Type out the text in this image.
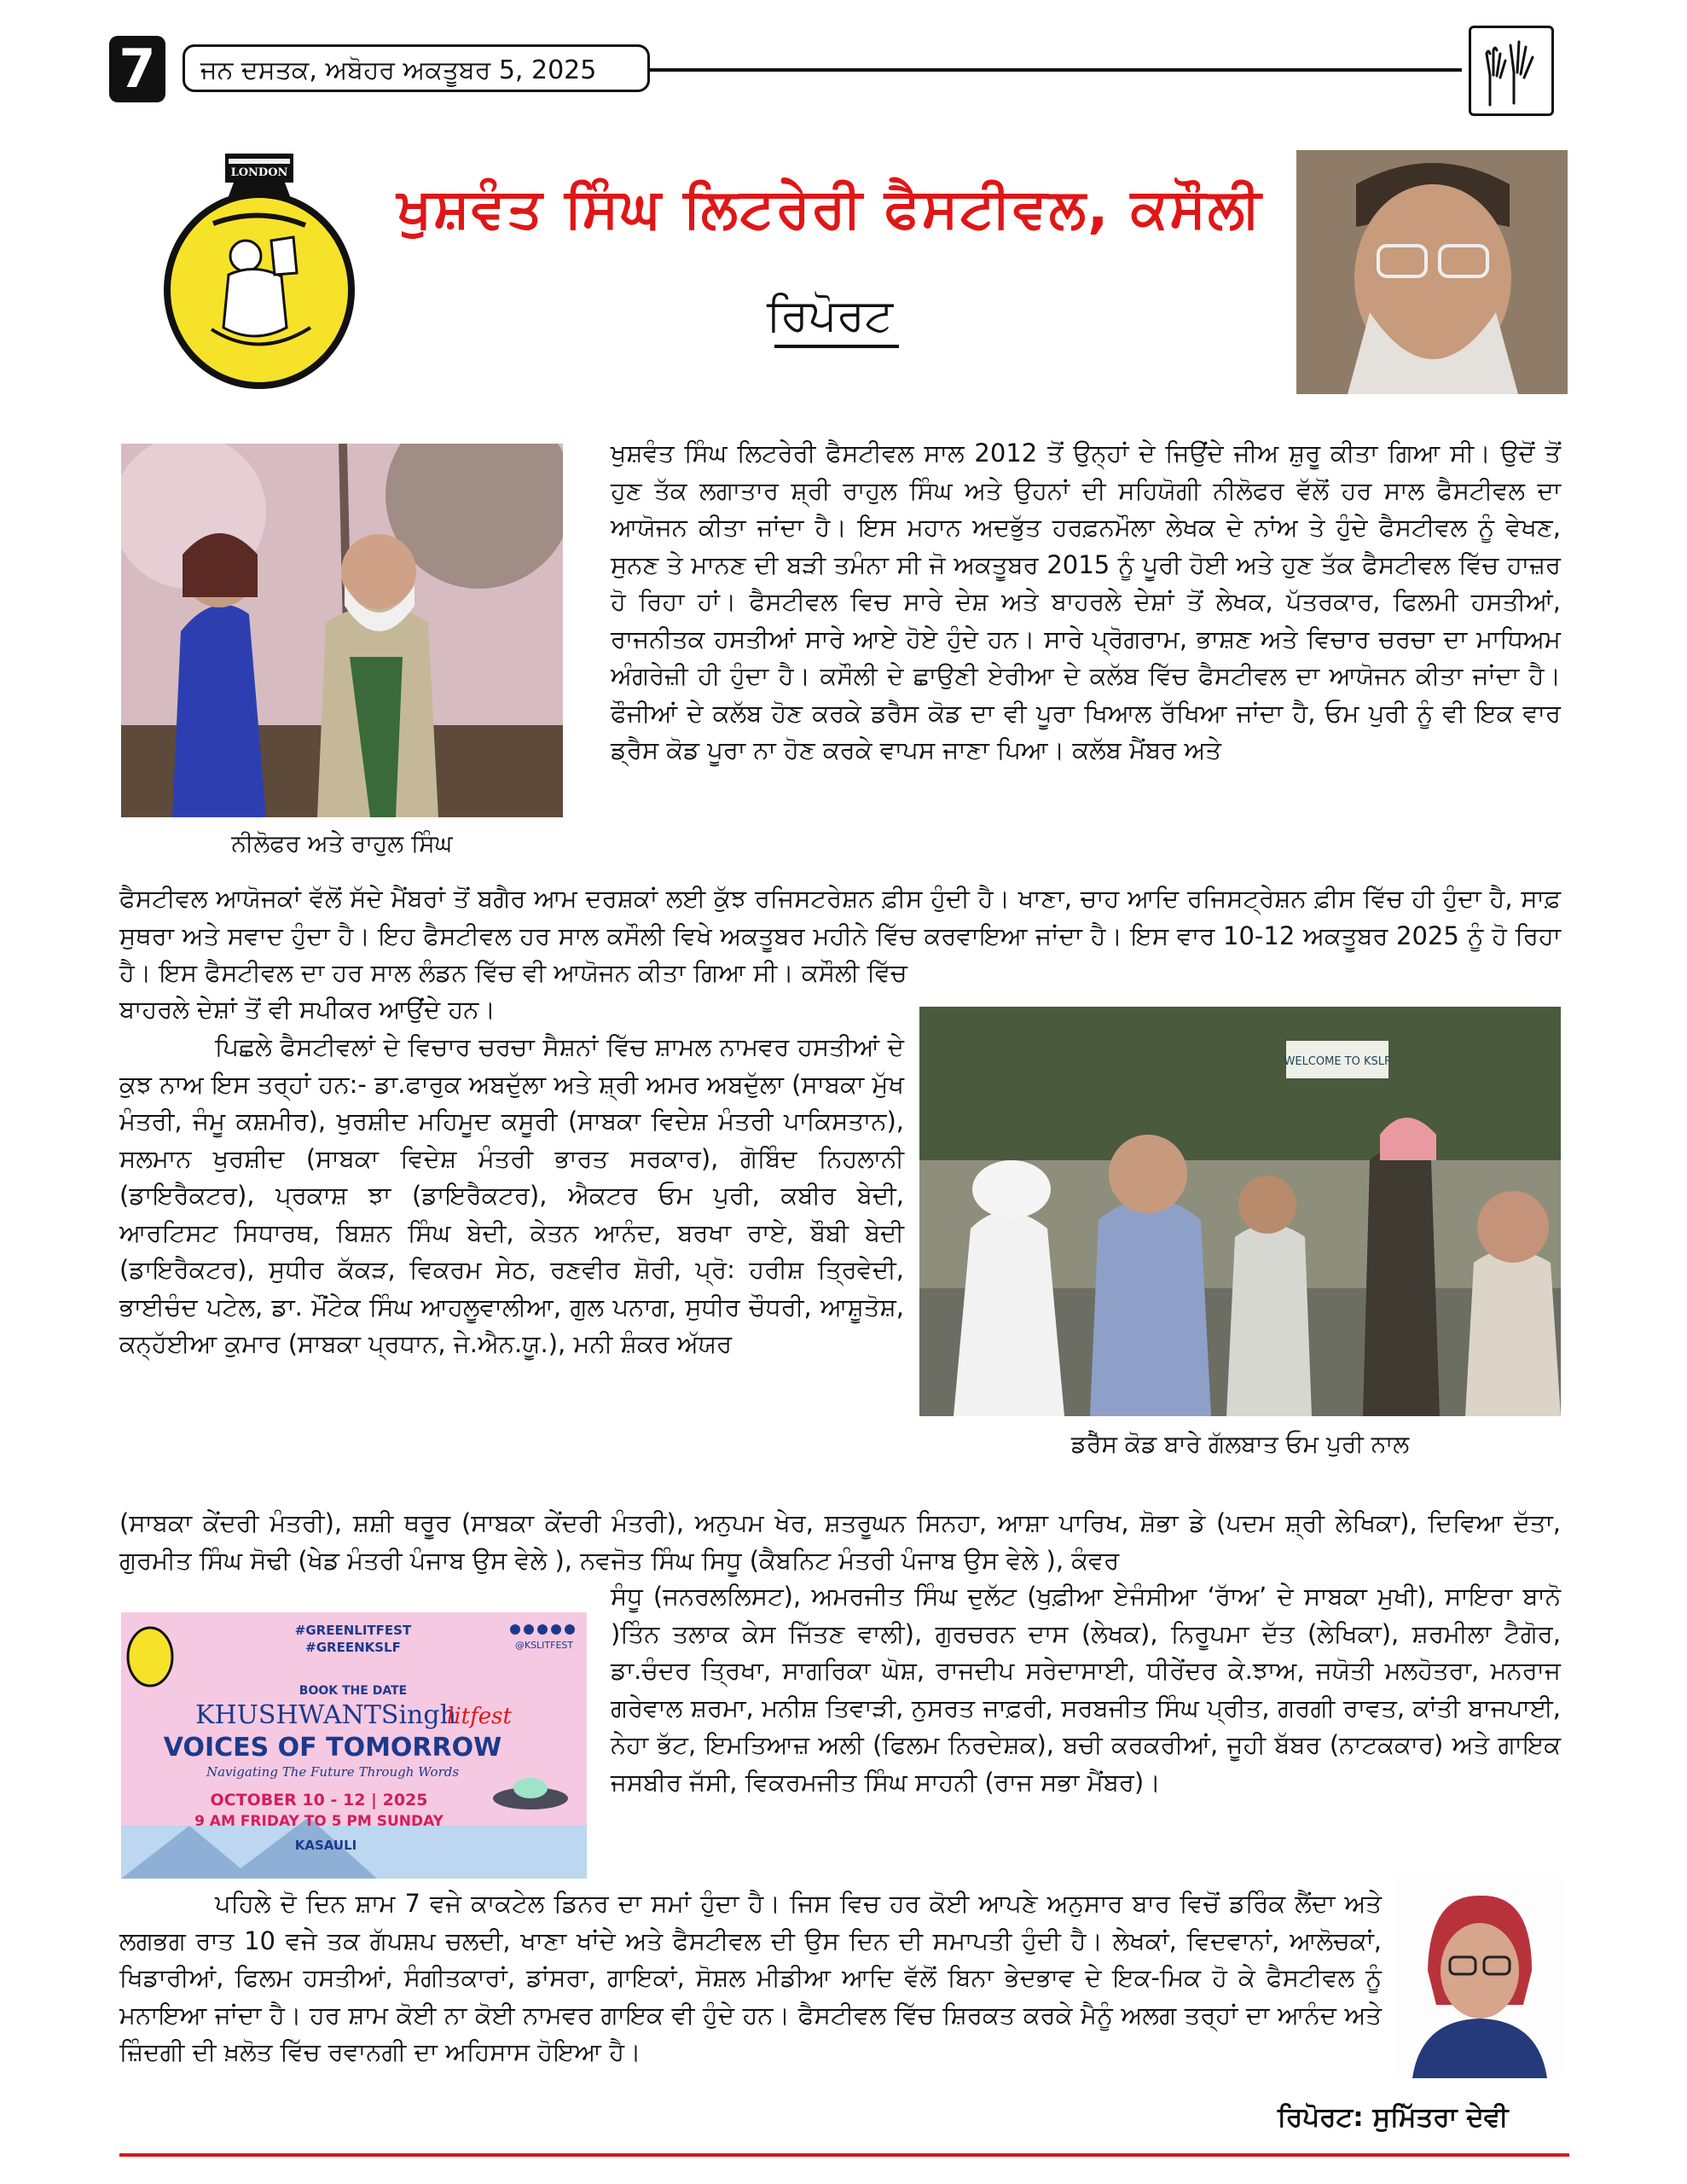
7	ਜਨ ਦਸਤਕ, ਅਬੋਹਰ ਅਕਤੂਬਰ 5, 2025
LONDON
ਖੁਸ਼ਵੰਤ ਸਿੰਘ ਲਿਟਰੇਰੀ ਫੈਸਟੀਵਲ, ਕਸੌਲੀ
ਰਿਪੋਰਟ
ਨੀਲੋਫਰ ਅਤੇ ਰਾਹੁਲ ਸਿੰਘ

ਖੁਸ਼ਵੰਤ ਸਿੰਘ ਲਿਟਰੇਰੀ ਫੈਸਟੀਵਲ ਸਾਲ 2012 ਤੋਂ ਉਨ੍ਹਾਂ ਦੇ ਜਿਉਂਦੇ ਜੀਅ ਸ਼ੁਰੂ ਕੀਤਾ ਗਿਆ ਸੀ। ਉਦੋਂ ਤੋਂ ਹੁਣ ਤੱਕ ਲਗਾਤਾਰ ਸ਼੍ਰੀ ਰਾਹੁਲ ਸਿੰਘ ਅਤੇ ਉਹਨਾਂ ਦੀ ਸਹਿਯੋਗੀ ਨੀਲੋਫਰ ਵੱਲੋਂ ਹਰ ਸਾਲ ਫੈਸਟੀਵਲ ਦਾ ਆਯੋਜਨ ਕੀਤਾ ਜਾਂਦਾ ਹੈ। ਇਸ ਮਹਾਨ ਅਦਭੁੱਤ ਹਰਫ਼ਨਮੌਲਾ ਲੇਖਕ ਦੇ ਨਾਂਅ ਤੇ ਹੁੰਦੇ ਫੈਸਟੀਵਲ ਨੂੰ ਵੇਖਣ, ਸੁਨਣ ਤੇ ਮਾਨਣ ਦੀ ਬੜੀ ਤਮੰਨਾ ਸੀ ਜੋ ਅਕਤੂਬਰ 2015 ਨੂੰ ਪੂਰੀ ਹੋਈ ਅਤੇ ਹੁਣ ਤੱਕ ਫੈਸਟੀਵਲ ਵਿੱਚ ਹਾਜ਼ਰ ਹੋ ਰਿਹਾ ਹਾਂ। ਫੈਸਟੀਵਲ ਵਿਚ ਸਾਰੇ ਦੇਸ਼ ਅਤੇ ਬਾਹਰਲੇ ਦੇਸ਼ਾਂ ਤੋਂ ਲੇਖਕ, ਪੱਤਰਕਾਰ, ਫਿਲਮੀ ਹਸਤੀਆਂ, ਰਾਜਨੀਤਕ ਹਸਤੀਆਂ ਸਾਰੇ ਆਏ ਹੋਏ ਹੁੰਦੇ ਹਨ। ਸਾਰੇ ਪ੍ਰੋਗਰਾਮ, ਭਾਸ਼ਣ ਅਤੇ ਵਿਚਾਰ ਚਰਚਾ ਦਾ ਮਾਧਿਅਮ ਅੰਗਰੇਜ਼ੀ ਹੀ ਹੁੰਦਾ ਹੈ। ਕਸੌਲੀ ਦੇ ਛਾਉਣੀ ਏਰੀਆ ਦੇ ਕਲੱਬ ਵਿੱਚ ਫੈਸਟੀਵਲ ਦਾ ਆਯੋਜਨ ਕੀਤਾ ਜਾਂਦਾ ਹੈ। ਫੌਜੀਆਂ ਦੇ ਕਲੱਬ ਹੋਣ ਕਰਕੇ ਡਰੈਸ ਕੋਡ ਦਾ ਵੀ ਪੂਰਾ ਖਿਆਲ ਰੱਖਿਆ ਜਾਂਦਾ ਹੈ, ਓਮ ਪੁਰੀ ਨੂੰ ਵੀ ਇਕ ਵਾਰ ਡ੍ਰੈਸ ਕੋਡ ਪੂਰਾ ਨਾ ਹੋਣ ਕਰਕੇ ਵਾਪਸ ਜਾਣਾ ਪਿਆ। ਕਲੱਬ ਮੈਂਬਰ ਅਤੇ

ਫੈਸਟੀਵਲ ਆਯੋਜਕਾਂ ਵੱਲੋਂ ਸੱਦੇ ਮੈਂਬਰਾਂ ਤੋਂ ਬਗੈਰ ਆਮ ਦਰਸ਼ਕਾਂ ਲਈ ਕੁੱਝ ਰਜਿਸਟਰੇਸ਼ਨ ਫ਼ੀਸ ਹੁੰਦੀ ਹੈ। ਖਾਣਾ, ਚਾਹ ਆਦਿ ਰਜਿਸਟ੍ਰੇਸ਼ਨ ਫ਼ੀਸ ਵਿੱਚ ਹੀ ਹੁੰਦਾ ਹੈ, ਸਾਫ਼ ਸੁਥਰਾ ਅਤੇ ਸਵਾਦ ਹੁੰਦਾ ਹੈ। ਇਹ ਫੈਸਟੀਵਲ ਹਰ ਸਾਲ ਕਸੌਲੀ ਵਿਖੇ ਅਕਤੂਬਰ ਮਹੀਨੇ ਵਿੱਚ ਕਰਵਾਇਆ ਜਾਂਦਾ ਹੈ। ਇਸ ਵਾਰ 10-12 ਅਕਤੂਬਰ 2025 ਨੂੰ ਹੋ ਰਿਹਾ ਹੈ। ਇਸ ਫੈਸਟੀਵਲ ਦਾ ਹਰ ਸਾਲ ਲੰਡਨ ਵਿੱਚ ਵੀ ਆਯੋਜਨ ਕੀਤਾ ਗਿਆ ਸੀ। ਕਸੌਲੀ ਵਿੱਚ

ਬਾਹਰਲੇ ਦੇਸ਼ਾਂ ਤੋਂ ਵੀ ਸਪੀਕਰ ਆਉਂਦੇ ਹਨ।

WELCOME TO KSLF
ਡਰੈੱਸ ਕੋਡ ਬਾਰੇ ਗੱਲਬਾਤ ਓਮ ਪੁਰੀ ਨਾਲ

ਪਿਛਲੇ ਫੈਸਟੀਵਲਾਂ ਦੇ ਵਿਚਾਰ ਚਰਚਾ ਸੈਸ਼ਨਾਂ ਵਿੱਚ ਸ਼ਾਮਲ ਨਾਮਵਰ ਹਸਤੀਆਂ ਦੇ ਕੁਝ ਨਾਅ ਇਸ ਤਰ੍ਹਾਂ ਹਨ:- ਡਾ.ਫਾਰੁਕ ਅਬਦੁੱਲਾ ਅਤੇ ਸ਼੍ਰੀ ਅਮਰ ਅਬਦੁੱਲਾ (ਸਾਬਕਾ ਮੁੱਖ ਮੰਤਰੀ, ਜੰਮੂ ਕਸ਼ਮੀਰ), ਖੁਰਸ਼ੀਦ ਮਹਿਮੂਦ ਕਸੂਰੀ (ਸਾਬਕਾ ਵਿਦੇਸ਼ ਮੰਤਰੀ ਪਾਕਿਸਤਾਨ), ਸਲਮਾਨ ਖੁਰਸ਼ੀਦ (ਸਾਬਕਾ ਵਿਦੇਸ਼ ਮੰਤਰੀ ਭਾਰਤ ਸਰਕਾਰ), ਗੋਬਿੰਦ ਨਿਹਲਾਨੀ (ਡਾਇਰੈਕਟਰ), ਪ੍ਰਕਾਸ਼ ਝਾ (ਡਾਇਰੈਕਟਰ), ਐਕਟਰ ਓਮ ਪੁਰੀ, ਕਬੀਰ ਬੇਦੀ, ਆਰਟਿਸਟ ਸਿਧਾਰਥ, ਬਿਸ਼ਨ ਸਿੰਘ ਬੇਦੀ, ਕੇਤਨ ਆਨੰਦ, ਬਰਖਾ ਰਾਏ, ਬੌਬੀ ਬੇਦੀ (ਡਾਇਰੈਕਟਰ), ਸੁਧੀਰ ਕੱਕੜ, ਵਿਕਰਮ ਸੇਠ, ਰਣਵੀਰ ਸ਼ੋਰੀ, ਪ੍ਰੋ: ਹਰੀਸ਼ ਤ੍ਰਿਵੇਦੀ, ਭਾਈਚੰਦ ਪਟੇਲ, ਡਾ. ਮੌਂਟੇਕ ਸਿੰਘ ਆਹਲੂਵਾਲੀਆ, ਗੁਲ ਪਨਾਗ, ਸੁਧੀਰ ਚੌਧਰੀ, ਆਸ਼ੂਤੋਸ਼, ਕਨ੍ਹੱਈਆ ਕੁਮਾਰ (ਸਾਬਕਾ ਪ੍ਰਧਾਨ, ਜੇ.ਐਨ.ਯੂ.), ਮਨੀ ਸ਼ੰਕਰ ਅੱਯਰ

(ਸਾਬਕਾ ਕੇਂਦਰੀ ਮੰਤਰੀ), ਸ਼ਸ਼ੀ ਥਰੂਰ (ਸਾਬਕਾ ਕੇਂਦਰੀ ਮੰਤਰੀ), ਅਨੁਪਮ ਖੇਰ, ਸ਼ਤਰੂਘਨ ਸਿਨਹਾ, ਆਸ਼ਾ ਪਾਰਿਖ, ਸ਼ੋਭਾ ਡੇ (ਪਦਮ ਸ਼੍ਰੀ ਲੇਖਿਕਾ), ਦਿਵਿਆ ਦੱਤਾ, ਗੁਰਮੀਤ ਸਿੰਘ ਸੋਢੀ (ਖੇਡ ਮੰਤਰੀ ਪੰਜਾਬ ਉਸ ਵੇਲੇ ), ਨਵਜੋਤ ਸਿੰਘ ਸਿਧੂ (ਕੈਬਨਿਟ ਮੰਤਰੀ ਪੰਜਾਬ ਉਸ ਵੇਲੇ ), ਕੰਵਰ

#GREENLITFEST
#GREENKSLF	@KSLITFEST
BOOK THE DATE
KHUSHWANTSingh
litfest
VOICES OF TOMORROW
Navigating The Future Through Words
OCTOBER 10 - 12 | 2025
9 AM FRIDAY TO 5 PM SUNDAY
KASAULI

ਸੰਧੂ (ਜਨਰਲਲਿਸਟ), ਅਮਰਜੀਤ ਸਿੰਘ ਦੁਲੱਟ (ਖੁਫ਼ੀਆ ਏਜੰਸੀਆ ‘ਰਾੱਅ’ ਦੇ ਸਾਬਕਾ ਮੁਖੀ), ਸਾਇਰਾ ਬਾਨੋ )ਤਿੰਨ ਤਲਾਕ ਕੇਸ ਜਿੱਤਣ ਵਾਲੀ), ਗੁਰਚਰਨ ਦਾਸ (ਲੇਖਕ), ਨਿਰੂਪਮਾ ਦੱਤ (ਲੇਖਿਕਾ), ਸ਼ਰਮੀਲਾ ਟੈਗੋਰ, ਡਾ.ਚੰਦਰ ਤ੍ਰਿਖਾ, ਸਾਗਰਿਕਾ ਘੋਸ਼, ਰਾਜਦੀਪ ਸਰੇਦਾਸਾਈ, ਧੀਰੇਂਦਰ ਕੇ.ਝਾਅ, ਜਯੋਤੀ ਮਲਹੋਤਰਾ, ਮਨਰਾਜ ਗਰੇਵਾਲ ਸ਼ਰਮਾ, ਮਨੀਸ਼ ਤਿਵਾੜੀ, ਨੁਸਰਤ ਜਾਫ਼ਰੀ, ਸਰਬਜੀਤ ਸਿੰਘ ਪ੍ਰੀਤ, ਗਰਗੀ ਰਾਵਤ, ਕਾਂਤੀ ਬਾਜਪਾਈ, ਨੇਹਾ ਭੱਟ, ਇਮਤਿਆਜ਼ ਅਲੀ (ਫਿਲਮ ਨਿਰਦੇਸ਼ਕ), ਬਚੀ ਕਰਕਰੀਆਂ, ਜੂਹੀ ਬੱਬਰ (ਨਾਟਕਕਾਰ) ਅਤੇ ਗਾਇਕ ਜਸਬੀਰ ਜੱਸੀ, ਵਿਕਰਮਜੀਤ ਸਿੰਘ ਸਾਹਨੀ (ਰਾਜ ਸਭਾ ਮੈਂਬਰ)।

ਪਹਿਲੇ ਦੋ ਦਿਨ ਸ਼ਾਮ 7 ਵਜੇ ਕਾਕਟੇਲ ਡਿਨਰ ਦਾ ਸਮਾਂ ਹੁੰਦਾ ਹੈ। ਜਿਸ ਵਿਚ ਹਰ ਕੋਈ ਆਪਣੇ ਅਨੁਸਾਰ ਬਾਰ ਵਿਚੋਂ ਡਰਿੰਕ ਲੈਂਦਾ ਅਤੇ ਲਗਭਗ ਰਾਤ 10 ਵਜੇ ਤਕ ਗੱਪਸ਼ਪ ਚਲਦੀ, ਖਾਣਾ ਖਾਂਦੇ ਅਤੇ ਫੈਸਟੀਵਲ ਦੀ ਉਸ ਦਿਨ ਦੀ ਸਮਾਪਤੀ ਹੁੰਦੀ ਹੈ। ਲੇਖਕਾਂ, ਵਿਦਵਾਨਾਂ, ਆਲੋਚਕਾਂ, ਖਿਡਾਰੀਆਂ, ਫਿਲਮ ਹਸਤੀਆਂ, ਸੰਗੀਤਕਾਰਾਂ, ਡਾਂਸਰਾ, ਗਾਇਕਾਂ, ਸੋਸ਼ਲ ਮੀਡੀਆ ਆਦਿ ਵੱਲੋਂ ਬਿਨਾ ਭੇਦਭਾਵ ਦੇ ਇਕ-ਮਿਕ ਹੋ ਕੇ ਫੈਸਟੀਵਲ ਨੂੰ ਮਨਾਇਆ ਜਾਂਦਾ ਹੈ। ਹਰ ਸ਼ਾਮ ਕੋਈ ਨਾ ਕੋਈ ਨਾਮਵਰ ਗਾਇਕ ਵੀ ਹੁੰਦੇ ਹਨ। ਫੈਸਟੀਵਲ ਵਿੱਚ ਸ਼ਿਰਕਤ ਕਰਕੇ ਮੈਨੂੰ ਅਲਗ ਤਰ੍ਹਾਂ ਦਾ ਆਨੰਦ ਅਤੇ ਜ਼ਿੰਦਗੀ ਦੀ ਖ਼ਲੋਤ ਵਿੱਚ ਰਵਾਨਗੀ ਦਾ ਅਹਿਸਾਸ ਹੋਇਆ ਹੈ।

ਰਿਪੋਰਟ: ਸੁਮਿੱਤਰਾ ਦੇਵੀ
